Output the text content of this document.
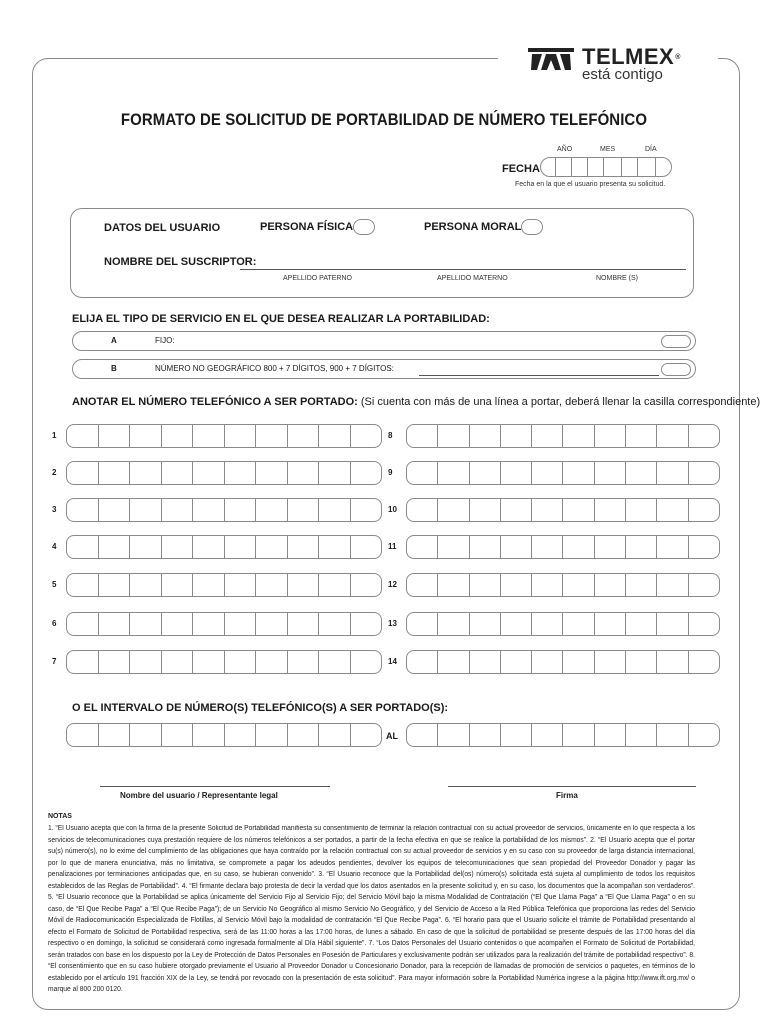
TELMEX®
está contigo
FORMATO DE SOLICITUD DE PORTABILIDAD DE NÚMERO TELEFÓNICO
AÑO	MES	DÍA
FECHA
Fecha en la que el usuario presenta su solicitud.
DATOS DEL USUARIO	PERSONA FÍSICA	PERSONA MORAL
NOMBRE DEL SUSCRIPTOR:
APELLIDO PATERNO	APELLIDO MATERNO	NOMBRE (S)
ELIJA EL TIPO DE SERVICIO EN EL QUE DESEA REALIZAR LA PORTABILIDAD:
A	FIJO:
B	NÚMERO NO GEOGRÁFICO 800 + 7 DÍGITOS, 900 + 7 DÍGITOS:
ANOTAR EL NÚMERO TELEFÓNICO A SER PORTADO: (Si cuenta con más de una línea a portar, deberá llenar la casilla correspondiente)
1
2
3
4
5
6
7
8
9
10
11
12
13
14
O EL INTERVALO DE NÚMERO(S) TELEFÓNICO(S) A SER PORTADO(S):
AL
Nombre del usuario / Representante legal	Firma
NOTAS
1. “El Usuario acepta que con la firma de la presente Solicitud de Portabilidad manifiesta su consentimiento de terminar la relación contractual con su actual proveedor de servicios, únicamente en lo que respecta a los servicios de telecomunicaciones cuya prestación requiere de los números telefónicos a ser portados, a partir de la fecha efectiva en que se realice la portabilidad de los mismos”. 2. “El Usuario acepta que el portar su(s) número(s), no lo exime del cumplimiento de las obligaciones que haya contraído por la relación contractual con su actual proveedor de servicios y en su caso con su proveedor de larga distancia internacional, por lo que de manera enunciativa, más no limitativa, se compromete a pagar los adeudos pendientes, devolver los equipos de telecomunicaciones que sean propiedad del Proveedor Donador y pagar las penalizaciones por terminaciones anticipadas que, en su caso, se hubieran convenido”. 3. “El Usuario reconoce que la Portabilidad del(os) número(s) solicitada está sujeta al cumplimiento de todos los requisitos establecidos de las Reglas de Portabilidad”. 4. “El firmante declara bajo protesta de decir la verdad que los datos asentados en la presente solicitud y, en su caso, los documentos que la acompañan son verdaderos”. 5. “El Usuario reconoce que la Portabilidad se aplica únicamente del Servicio Fijo al Servicio Fijo; del Servicio Móvil bajo la misma Modalidad de Contratación (“El Que Llama Paga” a “El Que Llama Paga” o en su caso, de “El Que Recibe Paga” a “El Que Recibe Paga”); de un Servicio No Geográfico al mismo Servicio No Geográfico, y del Servicio de Acceso a la Red Pública Telefónica que proporciona las redes del Servicio Móvil de Radiocomunicación Especializada de Flotillas, al Servicio Móvil bajo la modalidad de contratación “El Que Recibe Paga”. 6. “El horario para que el Usuario solicite el trámite de Portabilidad presentando al efecto el Formato de Solicitud de Portabilidad respectiva, será de las 11:00 horas a las 17:00 horas, de lunes a sábado. En caso de que la solicitud de portabilidad se presente después de las 17:00 horas del día respectivo o en domingo, la solicitud se considerará como ingresada formalmente al Día Hábil siguiente”. 7. “Los Datos Personales del Usuario contenidos o que acompañen el Formato de Solicitud de Portabilidad, serán tratados con base en los dispuesto por la Ley de Protección de Datos Personales en Posesión de Particulares y exclusivamente podrán ser utilizados para la realización del trámite de portabilidad respectivo”. 8. “El consentimiento que en su caso hubiere otorgado previamente el Usuario al Proveedor Donador u Concesionario Donador, para la recepción de llamadas de promoción de servicios o paquetes, en términos de lo establecido por el artículo 191 fracción XIX de la Ley, se tendrá por revocado con la presentación de esta solicitud”. Para mayor información sobre la Portabilidad Numérica ingrese a la página http://www.ift.org.mx/ o marque al 800 200 0120.
